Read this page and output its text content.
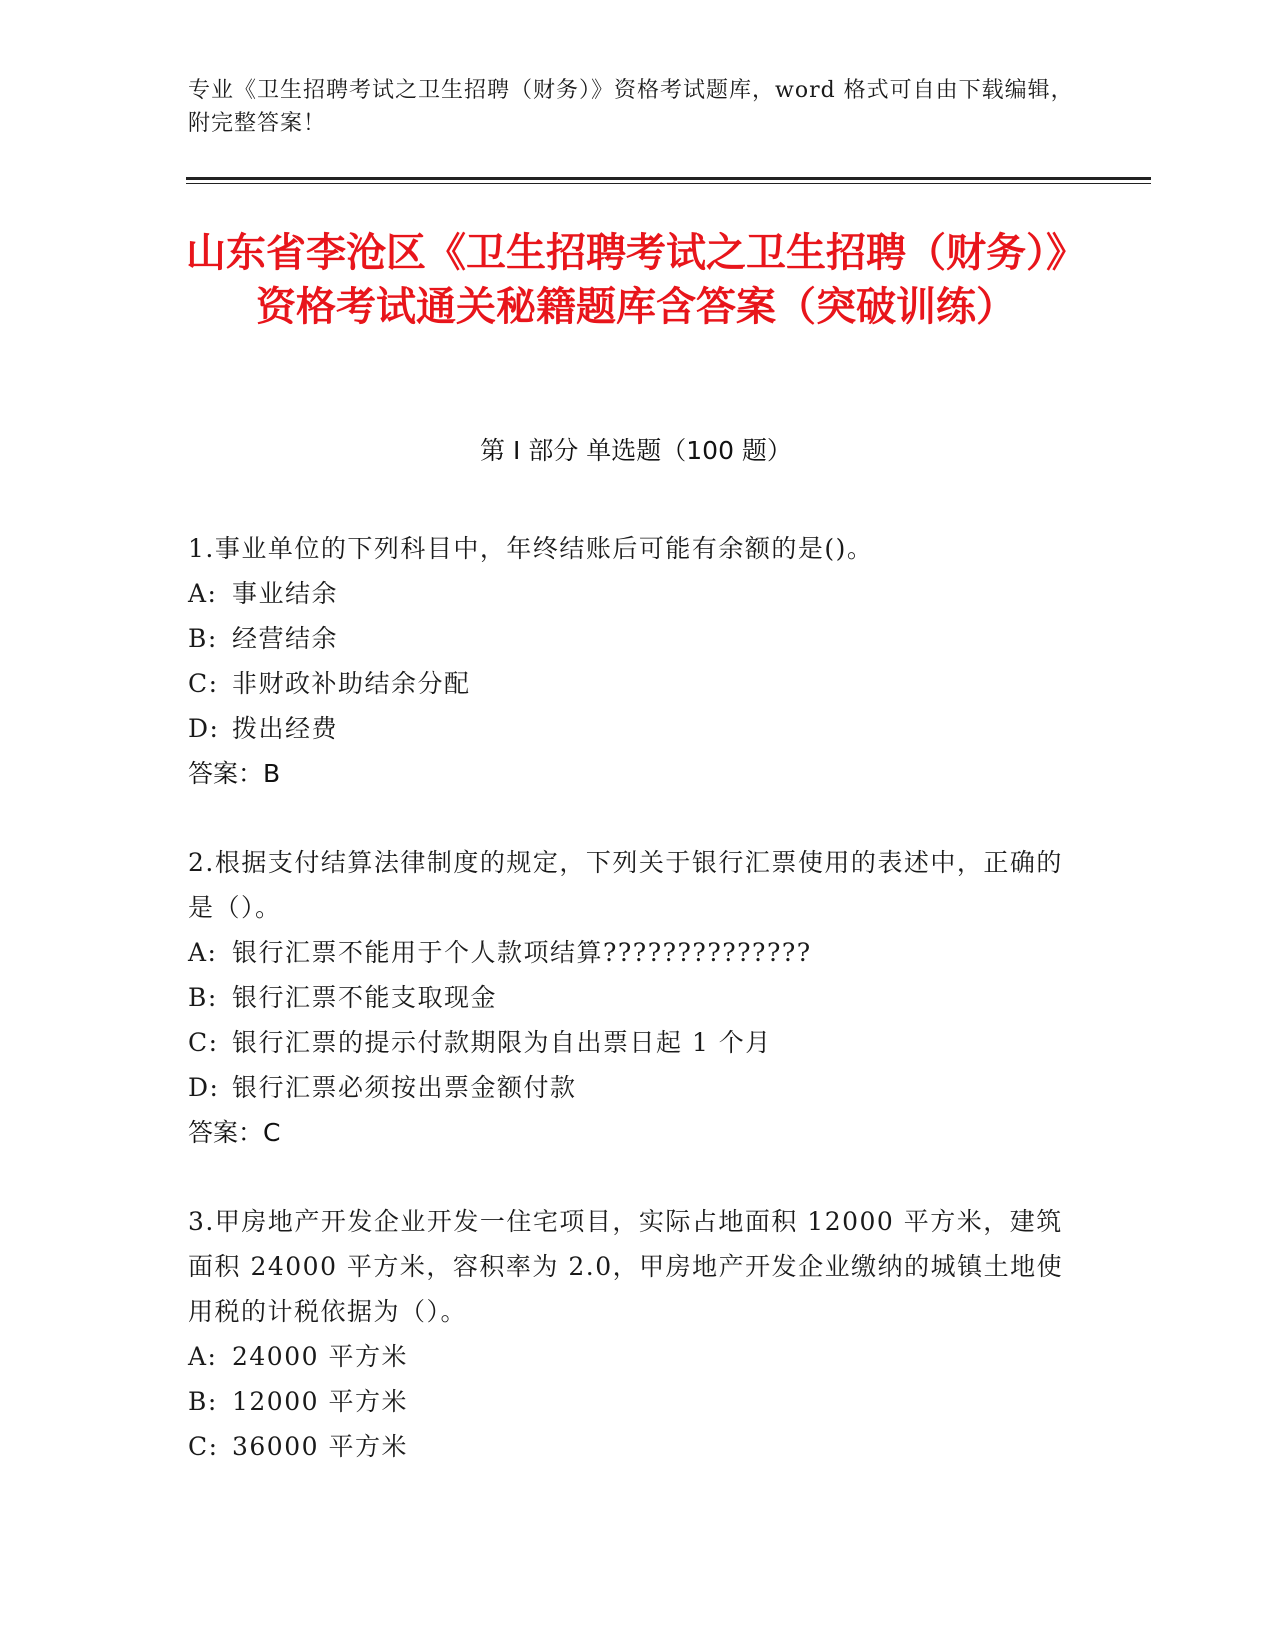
专业《卫生招聘考试之卫生招聘（财务）》资格考试题库，word 格式可自由下载编辑，附完整答案！
山东省李沧区《卫生招聘考试之卫生招聘（财务）》资格考试通关秘籍题库含答案（突破训练）
第 I 部分 单选题（100 题）

1.事业单位的下列科目中，年终结账后可能有余额的是()。

A: 事业结余
B: 经营结余
C: 非财政补助结余分配
D: 拨出经费
答案：B

2.根据支付结算法律制度的规定，下列关于银行汇票使用的表述中，正确的是（）。

A: 银行汇票不能用于个人款项结算??????????????
B: 银行汇票不能支取现金
C: 银行汇票的提示付款期限为自出票日起 1 个月
D: 银行汇票必须按出票金额付款
答案：C

3.甲房地产开发企业开发一住宅项目，实际占地面积 12000 平方米，建筑面积 24000 平方米，容积率为 2.0，甲房地产开发企业缴纳的城镇土地使用税的计税依据为（）。

A: 24000 平方米
B: 12000 平方米
C: 36000 平方米
